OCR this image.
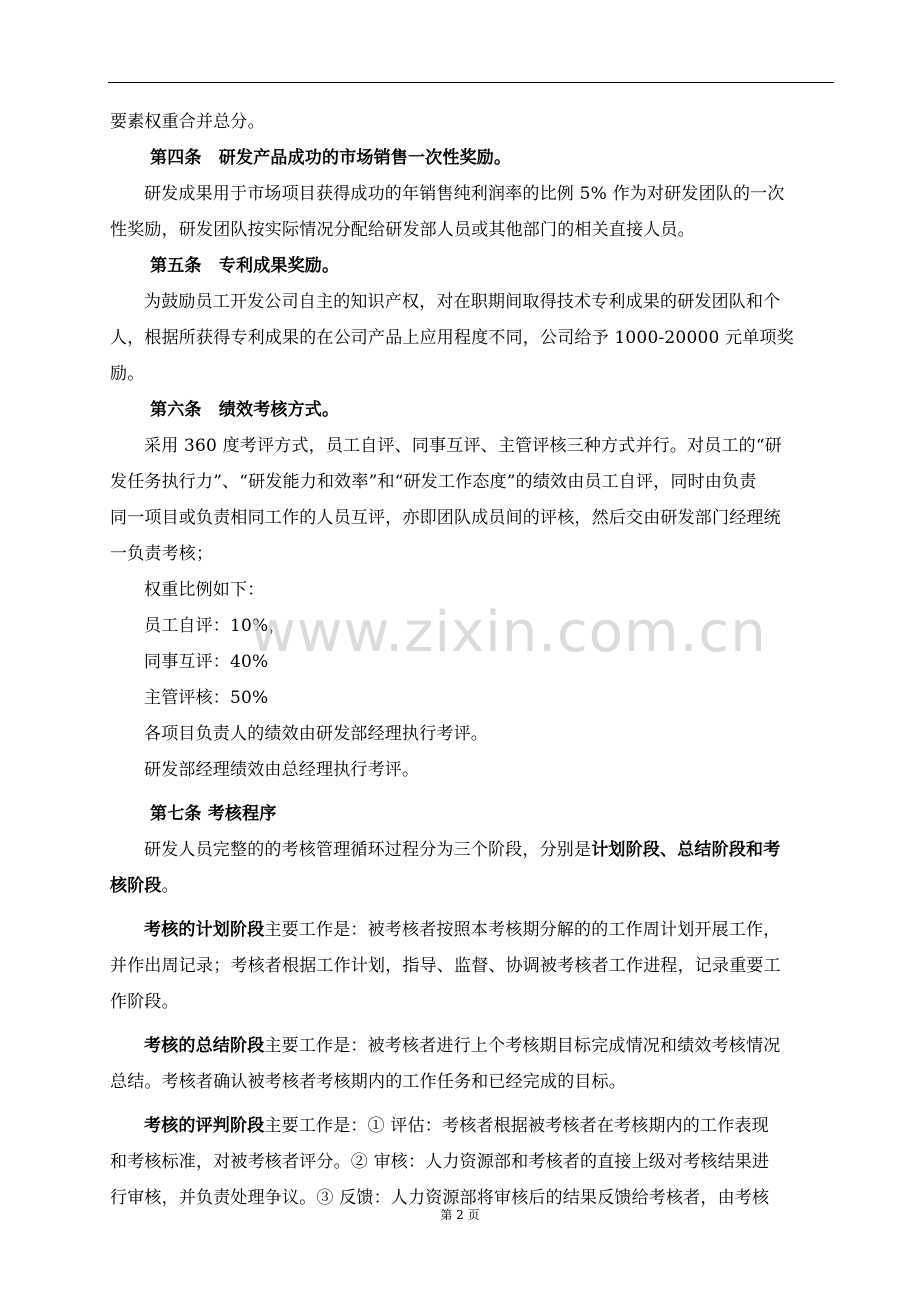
要素权重合并总分。
第四条　研发产品成功的市场销售一次性奖励。
研发成果用于市场项目获得成功的年销售纯利润率的比例 5% 作为对研发团队的一次
性奖励，研发团队按实际情况分配给研发部人员或其他部门的相关直接人员。
第五条　专利成果奖励。
为鼓励员工开发公司自主的知识产权，对在职期间取得技术专利成果的研发团队和个
人，根据所获得专利成果的在公司产品上应用程度不同，公司给予 1000-20000 元单项奖
励。
第六条　绩效考核方式。
采用 360 度考评方式，员工自评、同事互评、主管评核三种方式并行。对员工的“研
发任务执行力”、“研发能力和效率”和“研发工作态度”的绩效由员工自评，同时由负责
同一项目或负责相同工作的人员互评，亦即团队成员间的评核，然后交由研发部门经理统
一负责考核；
权重比例如下：
员工自评：10%，
同事互评：40%
主管评核：50%
各项目负责人的绩效由研发部经理执行考评。
研发部经理绩效由总经理执行考评。
第七条 考核程序
研发人员完整的的考核管理循环过程分为三个阶段，分别是计划阶段、总结阶段和考
核阶段。
考核的计划阶段主要工作是：被考核者按照本考核期分解的的工作周计划开展工作，
并作出周记录；考核者根据工作计划，指导、监督、协调被考核者工作进程，记录重要工
作阶段。
考核的总结阶段主要工作是：被考核者进行上个考核期目标完成情况和绩效考核情况
总结。考核者确认被考核者考核期内的工作任务和已经完成的目标。
考核的评判阶段主要工作是：① 评估：考核者根据被考核者在考核期内的工作表现
和考核标准，对被考核者评分。② 审核：人力资源部和考核者的直接上级对考核结果进
行审核，并负责处理争议。③ 反馈：人力资源部将审核后的结果反馈给考核者，由考核
www.zixin.com.cn
第 2 页
